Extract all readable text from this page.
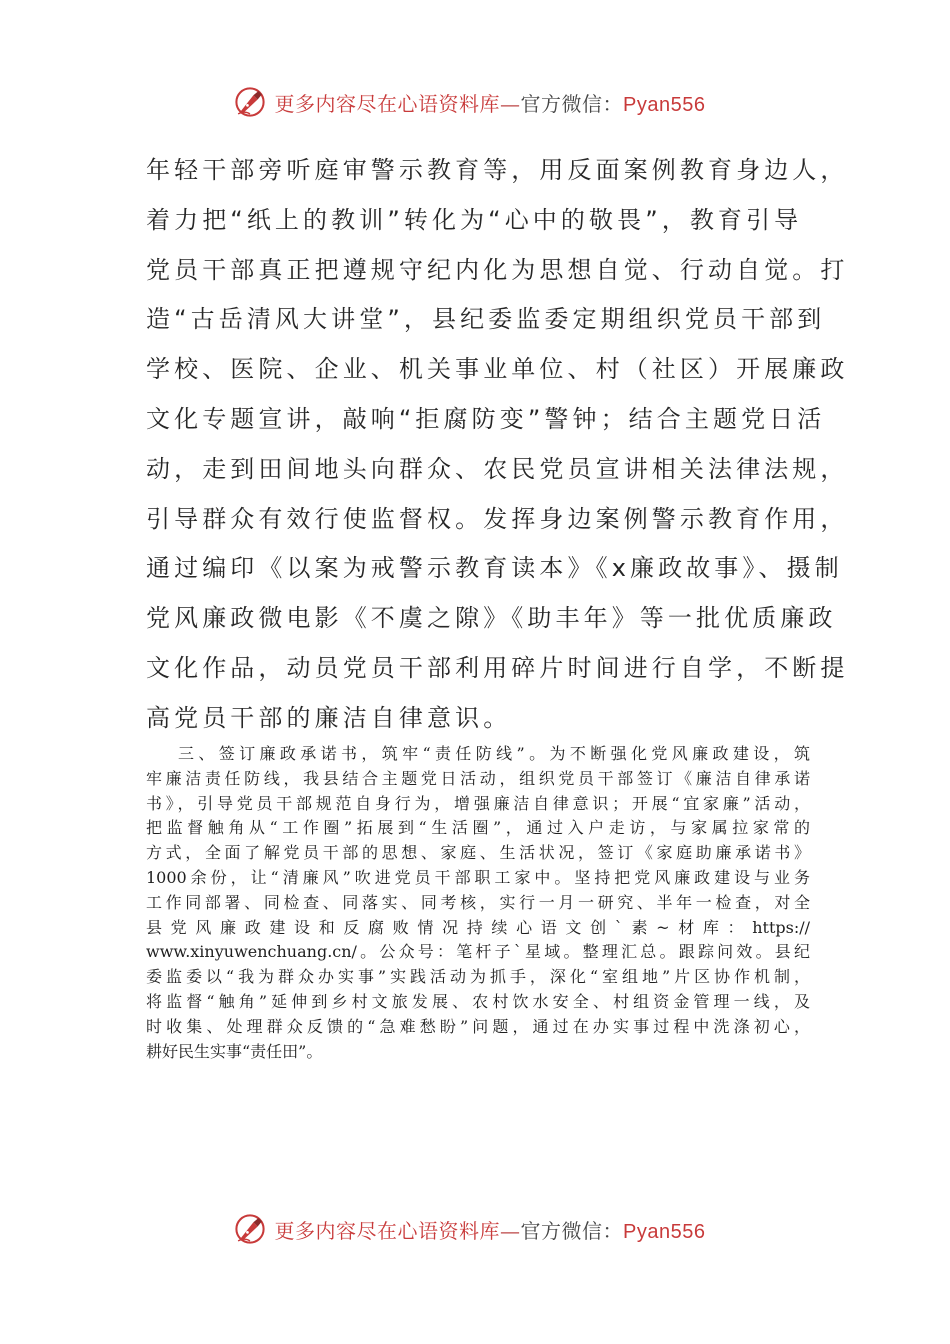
更多内容尽在心语资料库—官方微信：Pyan556
年轻干部旁听庭审警示教育等，用反面案例教育身边人，
着力把“纸上的教训”转化为“心中的敬畏”，教育引导
党员干部真正把遵规守纪内化为思想自觉、行动自觉。打
造“古岳清风大讲堂”，县纪委监委定期组织党员干部到
学校、医院、企业、机关事业单位、村（社区）开展廉政
文化专题宣讲，敲响“拒腐防变”警钟；结合主题党日活
动，走到田间地头向群众、农民党员宣讲相关法律法规，
引导群众有效行使监督权。发挥身边案例警示教育作用，
通过编印《以案为戒警示教育读本》《x廉政故事》、摄制
党风廉政微电影《不虞之隙》《助丰年》等一批优质廉政
文化作品，动员党员干部利用碎片时间进行自学，不断提
高党员干部的廉洁自律意识。
三、签订廉政承诺书，筑牢“责任防线”。为不断强化党风廉政建设，筑
牢廉洁责任防线，我县结合主题党日活动，组织党员干部签订《廉洁自律承诺
书》，引导党员干部规范自身行为，增强廉洁自律意识；开展“宜家廉”活动，
把监督触角从“工作圈”拓展到“生活圈”，通过入户走访，与家属拉家常的
方式，全面了解党员干部的思想、家庭、生活状况，签订《家庭助廉承诺书》
1000余份，让“清廉风”吹进党员干部职工家中。坚持把党风廉政建设与业务
工作同部署、同检查、同落实、同考核，实行一月一研究、半年一检查，对全
县党风廉政建设和反腐败情况持续心语文创`素~材库：https://
www.xinyuwenchuang.cn/。公众号：笔杆子`星域。整理汇总。跟踪问效。县纪
委监委以“我为群众办实事”实践活动为抓手，深化“室组地”片区协作机制，
将监督“触角”延伸到乡村文旅发展、农村饮水安全、村组资金管理一线，及
时收集、处理群众反馈的“急难愁盼”问题，通过在办实事过程中洗涤初心，
耕好民生实事“责任田”。
更多内容尽在心语资料库—官方微信：Pyan556
